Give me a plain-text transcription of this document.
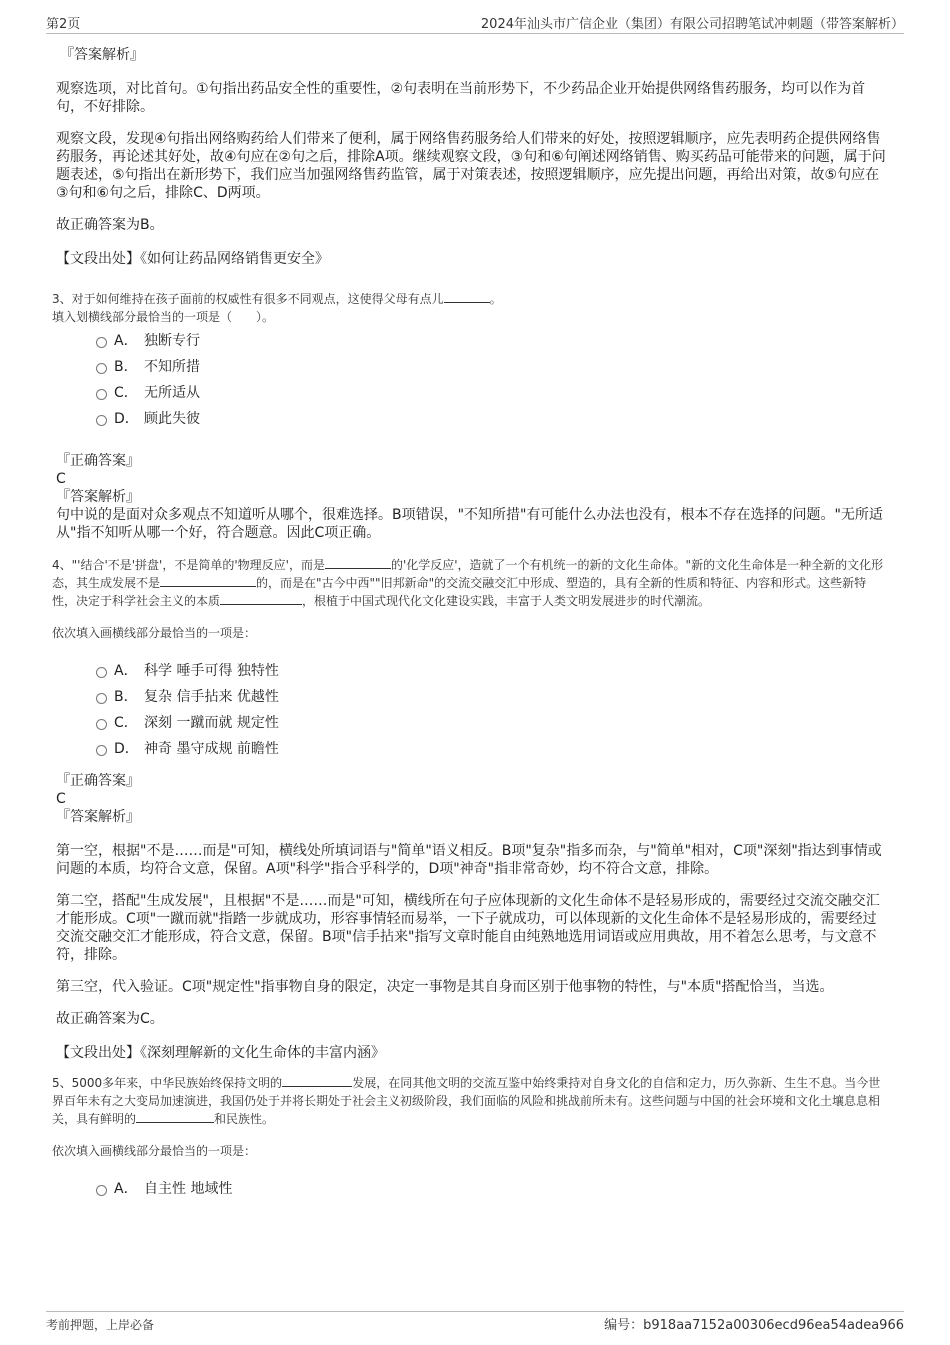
第2页	2024年汕头市广信企业（集团）有限公司招聘笔试冲刺题（带答案解析）

『答案解析』

观察选项，对比首句。①句指出药品安全性的重要性，②句表明在当前形势下，不少药品企业开始提供网络售药服务，均可以作为首句，不好排除。

观察文段，发现④句指出网络购药给人们带来了便利，属于网络售药服务给人们带来的好处，按照逻辑顺序，应先表明药企提供网络售药服务，再论述其好处，故④句应在②句之后，排除A项。继续观察文段，③句和⑥句阐述网络销售、购买药品可能带来的问题，属于问题表述，⑤句指出在新形势下，我们应当加强网络售药监管，属于对策表述，按照逻辑顺序，应先提出问题，再给出对策，故⑤句应在③句和⑥句之后，排除C、D两项。

故正确答案为B。

【文段出处】《如何让药品网络销售更安全》

3、对于如何维持在孩子面前的权威性有很多不同观点，这使得父母有点儿	。

填入划横线部分最恰当的一项是（　　）。

A． 独断专行
B． 不知所措
C． 无所适从
D． 顾此失彼

『正确答案』

C

『答案解析』

句中说的是面对众多观点不知道听从哪个，很难选择。B项错误，"不知所措"有可能什么办法也没有，根本不存在选择的问题。"无所适从"指不知听从哪一个好，符合题意。因此C项正确。

4、"'结合'不是'拼盘'，不是简单的'物理反应'，而是	的'化学反应'，造就了一个有机统一的新的文化生命体。"新的文化生命体是一种全新的文化形态，其生成发展不是	的，而是在"古今中西""旧邦新命"的交流交融交汇中形成、塑造的，具有全新的性质和特征、内容和形式。这些新特性，决定于科学社会主义的本质	，根植于中国式现代化文化建设实践，丰富于人类文明发展进步的时代潮流。

依次填入画横线部分最恰当的一项是：

A． 科学 唾手可得 独特性
B． 复杂 信手拈来 优越性
C． 深刻 一蹴而就 规定性
D． 神奇 墨守成规 前瞻性

『正确答案』

C

『答案解析』

第一空，根据"不是……而是"可知，横线处所填词语与"简单"语义相反。B项"复杂"指多而杂，与"简单"相对，C项"深刻"指达到事情或问题的本质，均符合文意，保留。A项"科学"指合乎科学的，D项"神奇"指非常奇妙，均不符合文意，排除。

第二空，搭配"生成发展"，且根据"不是……而是"可知，横线所在句子应体现新的文化生命体不是轻易形成的，需要经过交流交融交汇才能形成。C项"一蹴而就"指踏一步就成功，形容事情轻而易举，一下子就成功，可以体现新的文化生命体不是轻易形成的，需要经过交流交融交汇才能形成，符合文意，保留。B项"信手拈来"指写文章时能自由纯熟地选用词语或应用典故，用不着怎么思考，与文意不符，排除。

第三空，代入验证。C项"规定性"指事物自身的限定，决定一事物是其自身而区别于他事物的特性，与"本质"搭配恰当，当选。

故正确答案为C。

【文段出处】《深刻理解新的文化生命体的丰富内涵》

5、5000多年来，中华民族始终保持文明的	发展，在同其他文明的交流互鉴中始终秉持对自身文化的自信和定力，历久弥新、生生不息。当今世界百年未有之大变局加速演进，我国仍处于并将长期处于社会主义初级阶段，我们面临的风险和挑战前所未有。这些问题与中国的社会环境和文化土壤息息相关，具有鲜明的	和民族性。

依次填入画横线部分最恰当的一项是：

A． 自主性 地域性
考前押题，上岸必备	编号：b918aa7152a00306ecd96ea54adea966
